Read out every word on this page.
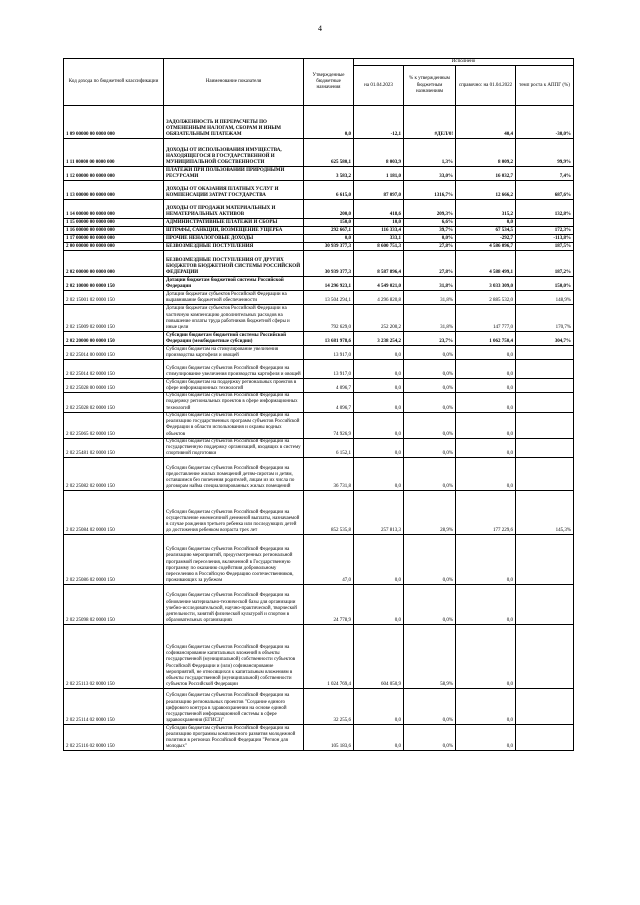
4
Код дохода по бюджетной классификации	Наименование показателя	Утвержденные бюджетные назначения	Исполнено			
			на 01.04.2023	% к утвержденным бюджетным назначениям	справочно: на 01.04.2022	темп роста к АППГ (%)
1 09 00000 00 0000 000	ЗАДОЛЖЕННОСТЬ И ПЕРЕРАСЧЕТЫ ПО ОТМЕНЕННЫМ НАЛОГАМ, СБОРАМ И ИНЫМ ОБЯЗАТЕЛЬНЫМ ПЛАТЕЖАМ	0,0	-12,1	#ДЕЛ/0!	40,4	-30,0%
1 11 00000 00 0000 000	ДОХОДЫ ОТ ИСПОЛЬЗОВАНИЯ ИМУЩЕСТВА, НАХОДЯЩЕГОСЯ В ГОСУДАРСТВЕННОЙ И МУНИЦИПАЛЬНОЙ СОБСТВЕННОСТИ	625 580,1	8 003,9	1,3%	8 009,2	99,9%
1 12 00000 00 0000 000	ПЛАТЕЖИ ПРИ ПОЛЬЗОВАНИИ ПРИРОДНЫМИ РЕСУРСАМИ	3 583,2	1 181,0	33,0%	16 032,7	7,4%
1 13 00000 00 0000 000	ДОХОДЫ ОТ ОКАЗАНИЯ ПЛАТНЫХ УСЛУГ И КОМПЕНСАЦИИ ЗАТРАТ ГОСУДАРСТВА	6 615,0	87 097,0	1316,7%	12 666,2	687,6%
1 14 00000 00 0000 000	ДОХОДЫ ОТ ПРОДАЖИ МАТЕРИАЛЬНЫХ И НЕМАТЕРИАЛЬНЫХ АКТИВОВ	200,0	418,6	209,3%	315,2	132,8%
1 15 00000 00 0000 000	АДМИНИСТРАТИВНЫЕ ПЛАТЕЖИ И СБОРЫ	150,0	10,0	6,6%	0,0	
1 16 00000 00 0000 000	ШТРАФЫ, САНКЦИИ, ВОЗМЕЩЕНИЕ УЩЕРБА	292 667,1	116 333,4	39,7%	67 534,5	172,3%
1 17 00000 00 0000 000	ПРОЧИЕ НЕНАЛОГОВЫЕ ДОХОДЫ	0,0	333,1	0,0%	-292,7	-113,8%
2 00 00000 00 0000 000	БЕЗВОЗМЕЗДНЫЕ ПОСТУПЛЕНИЯ	30 939 377,3	8 600 751,3	27,8%	4 586 096,7	187,5%
2 02 00000 00 0000 000	БЕЗВОЗМЕЗДНЫЕ ПОСТУПЛЕНИЯ ОТ ДРУГИХ БЮДЖЕТОВ БЮДЖЕТНОЙ СИСТЕМЫ РОССИЙСКОЙ ФЕДЕРАЦИИ	30 939 377,3	8 587 896,4	27,8%	4 588 499,1	187,2%
2 02 10000 00 0000 150	Дотации бюджетам бюджетной системы Российской Федерации	14 296 923,1	4 549 021,0	31,8%	3 033 309,0	150,0%
2 02 15001 02 0000 150	Дотации бюджетам субъектов Российской Федерации на выравнивание бюджетной обеспеченности	13 504 294,1	4 296 820,8	31,8%	2 885 532,0	148,9%
2 02 15009 02 0000 150	Дотации бюджетам субъектов Российской Федерации на частичную компенсацию дополнительных расходов на повышение оплаты труда работников бюджетной сферы и иные цели	792 629,0	252 200,2	31,8%	147 777,0	170,7%
2 02 20000 00 0000 150	Субсидии бюджетам бюджетной системы Российской Федерации (межбюджетные субсидии)	13 681 978,6	3 238 254,2	23,7%	1 062 750,4	304,7%
2 02 25014 00 0000 150	Субсидии бюджетам на стимулирование увеличения производства картофеля и овощей	13 917,0	0,0	0,0%	0,0	
2 02 25014 02 0000 150	Субсидии бюджетам субъектов Российской Федерации на стимулирование увеличения производства картофеля и овощей	13 917,0	0,0	0,0%	0,0	
2 02 25028 00 0000 150	Субсидии бюджетам на поддержку региональных проектов в сфере информационных технологий	4 096,7	0,0	0,0%	0,0	
2 02 25028 02 0000 150	Субсидии бюджетам субъектов Российской Федерации на поддержку региональных проектов в сфере информационных технологий	4 096,7	0,0	0,0%	0,0	
2 02 25065 02 0000 150	Субсидии бюджетам субъектов Российской Федерации на реализацию государственных программ субъектов Российской Федерации в области использования и охраны водных объектов	74 926,9	0,0	0,0%	0,0	
2 02 25481 02 0000 150	Субсидии бюджетам субъектов Российской Федерации на государственную поддержку организаций, входящих в систему спортивной подготовки	6 152,1	0,0	0,0%	0,0	
2 02 25082 02 0000 150	Субсидии бюджетам субъектов Российской Федерации на предоставление жилых помещений детям-сиротам и детям, оставшимся без попечения родителей, лицам из их числа по договорам найма специализированных жилых помещений	36 731,8	0,0	0,0%	0,0	
2 02 25084 02 0000 150	Субсидии бюджетам субъектов Российской Федерации на осуществление ежемесячной денежной выплаты, назначаемой в случае рождения третьего ребенка или последующих детей до достижения ребенком возраста трех лет	852 535,8	257 813,3	28,9%	177 229,6	145,3%
2 02 25086 02 0000 150	Субсидии бюджетам субъектов Российской Федерации на реализацию мероприятий, предусмотренных региональной программой переселения, включенной в Государственную программу по оказанию содействия добровольному переселению в Российскую Федерацию соотечественников, проживающих за рубежом	47,0	0,0	0,0%	0,0	
2 02 25098 02 0000 150	Субсидии бюджетам субъектов Российской Федерации на обновление материально-технической базы для организации учебно-исследовательской, научно-практической, творческой деятельности, занятий физической культурой и спортом в образовательных организациях	24 778,9	0,0	0,0%	0,0	
2 02 25113 02 0000 150	Субсидии бюджетам субъектов Российской Федерации на софинансирование капитальных вложений в объекты государственной (муниципальной) собственности субъектов Российской Федерации и (или) софинансирование мероприятий, не относящихся к капитальным вложениям в объекты государственной (муниципальной) собственности субъектов Российской Федерации	1 024 769,4	604 050,9	58,9%	0,0	
2 02 25114 02 0000 150	Субсидии бюджетам субъектов Российской Федерации на реализацию региональных проектов "Создание единого цифрового контура в здравоохранении на основе единой государственной информационной системы в сфере здравоохранения (ЕГИСЗ)"	32 255,6	0,0	0,0%	0,0	
2 02 25116 02 0000 150	Субсидии бюджетам субъектов Российской Федерации на реализацию программы комплексного развития молодежной политики в регионах Российской Федерации "Регион для молодых"	105 183,6	0,0	0,0%	0,0	
